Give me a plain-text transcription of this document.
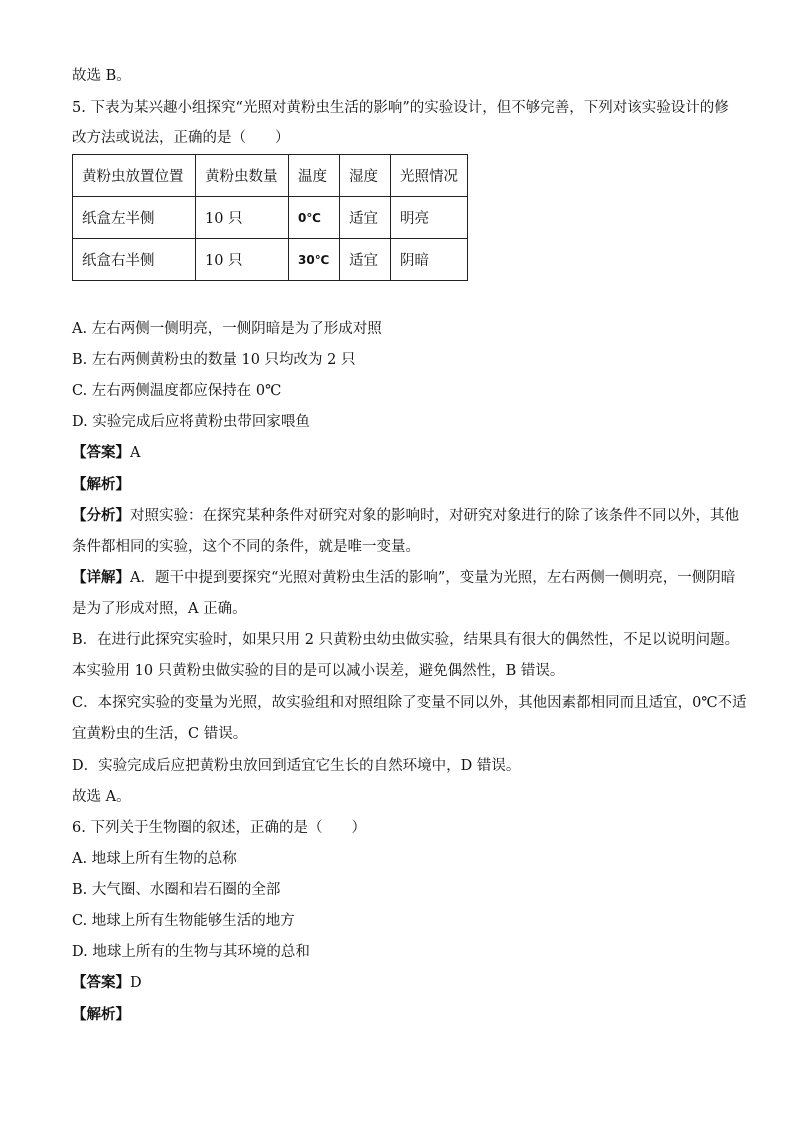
故选 B。
5. 下表为某兴趣小组探究“光照对黄粉虫生活的影响”的实验设计，但不够完善，下列对该实验设计的修
改方法或说法，正确的是（　　）
黄粉虫放置位置	黄粉虫数量	温度	湿度	光照情况
纸盒左半侧	10 只	0℃	适宜	明亮
纸盒右半侧	10 只	30℃	适宜	阴暗
A. 左右两侧一侧明亮，一侧阴暗是为了形成对照
B. 左右两侧黄粉虫的数量 10 只均改为 2 只
C. 左右两侧温度都应保持在 0℃
D. 实验完成后应将黄粉虫带回家喂鱼
【答案】A
【解析】
【分析】对照实验：在探究某种条件对研究对象的影响时，对研究对象进行的除了该条件不同以外，其他
条件都相同的实验，这个不同的条件，就是唯一变量。
【详解】A．题干中提到要探究“光照对黄粉虫生活的影响”，变量为光照，左右两侧一侧明亮，一侧阴暗
是为了形成对照，A 正确。
B．在进行此探究实验时，如果只用 2 只黄粉虫幼虫做实验，结果具有很大的偶然性，不足以说明问题。
本实验用 10 只黄粉虫做实验的目的是可以减小误差，避免偶然性，B 错误。
C．本探究实验的变量为光照，故实验组和对照组除了变量不同以外，其他因素都相同而且适宜，0℃不适
宜黄粉虫的生活，C 错误。
D．实验完成后应把黄粉虫放回到适宜它生长的自然环境中，D 错误。
故选 A。
6. 下列关于生物圈的叙述，正确的是（　　）
A. 地球上所有生物的总称
B. 大气圈、水圈和岩石圈的全部
C. 地球上所有生物能够生活的地方
D. 地球上所有的生物与其环境的总和
【答案】D
【解析】
